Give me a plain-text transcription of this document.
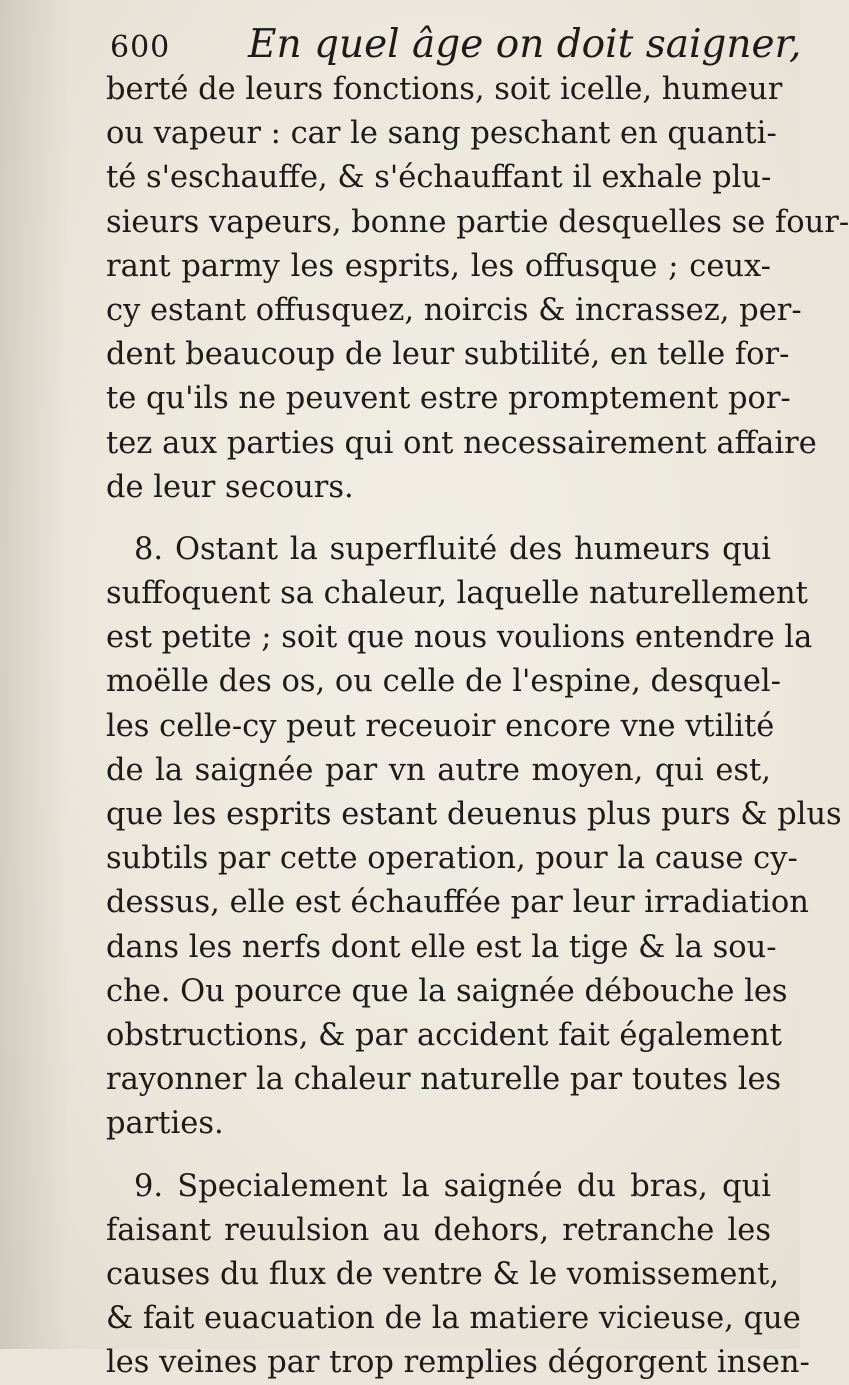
600 En quel âge on doit saigner,
berté de leurs fonctions, soit icelle, humeur
ou vapeur : car le sang peschant en quanti-
té s'eschauffe, & s'échauffant il exhale plu-
sieurs vapeurs, bonne partie desquelles se four-
rant parmy les esprits, les offusque ; ceux-
cy estant offusquez, noircis & incrassez, per-
dent beaucoup de leur subtilité, en telle for-
te qu'ils ne peuvent estre promptement por-
tez aux parties qui ont necessairement affaire
de leur secours.
8. Ostant la superfluité des humeurs qui
suffoquent sa chaleur, laquelle naturellement
est petite ; soit que nous voulions entendre la
moëlle des os, ou celle de l'espine, desquel-
les celle-cy peut receuoir encore vne vtilité
de la saignée par vn autre moyen, qui est,
que les esprits estant deuenus plus purs & plus
subtils par cette operation, pour la cause cy-
dessus, elle est échauffée par leur irradiation
dans les nerfs dont elle est la tige & la sou-
che. Ou pource que la saignée débouche les
obstructions, & par accident fait également
rayonner la chaleur naturelle par toutes les
parties.
9. Specialement la saignée du bras, qui
faisant reuulsion au dehors, retranche les
causes du flux de ventre & le vomissement,
& fait euacuation de la matiere vicieuse, que
les veines par trop remplies dégorgent insen-
